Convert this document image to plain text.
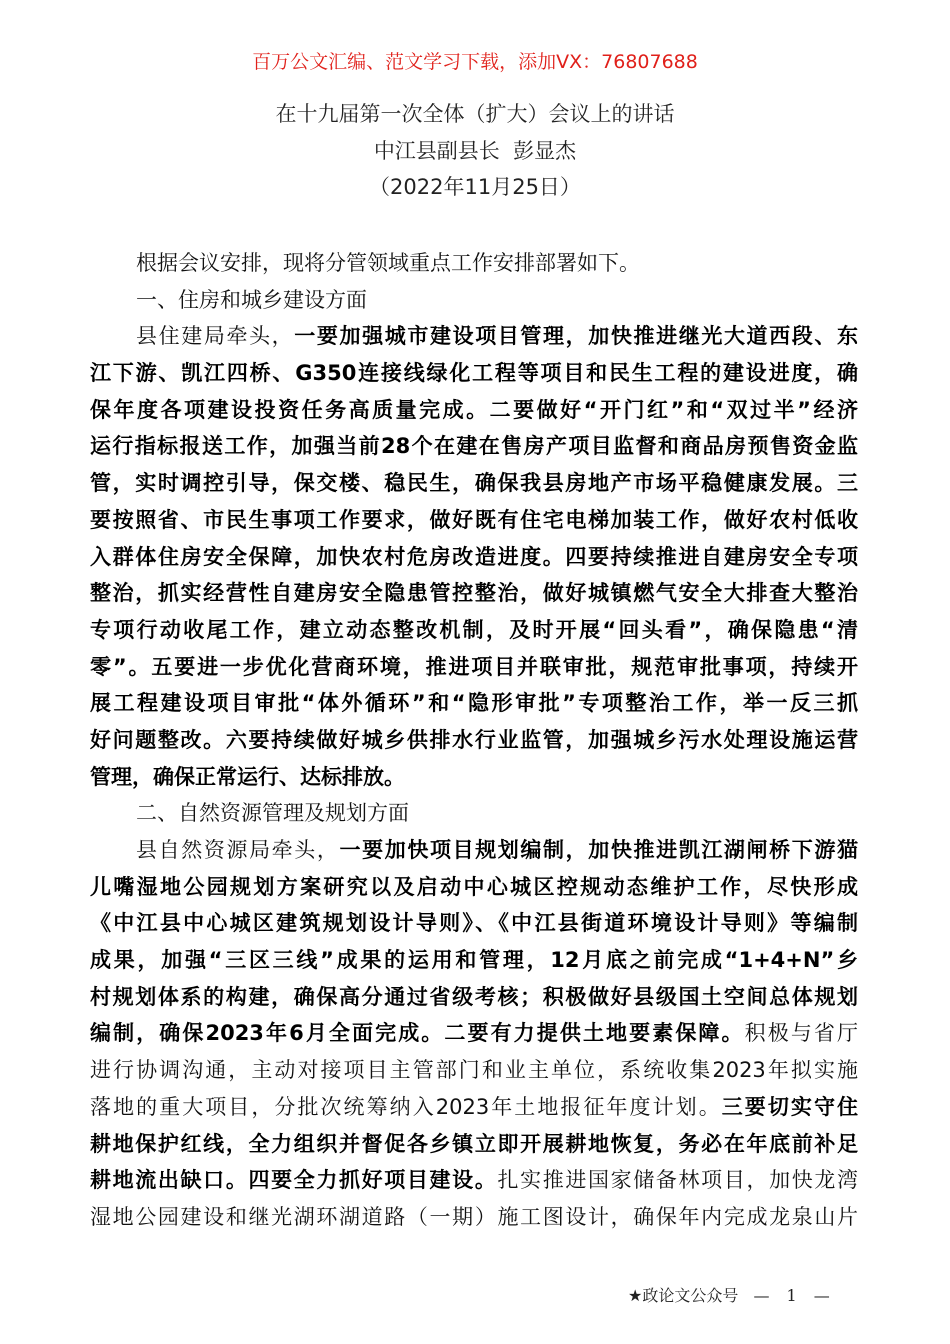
百万公文汇编、范文学习下载，添加VX：76807688
在十九届第一次全体（扩大）会议上的讲话
中江县副县长  彭显杰
（2022年11月25日）
根据会议安排，现将分管领域重点工作安排部署如下。
一、住房和城乡建设方面
县住建局牵头，一要加强城市建设项目管理，加快推进继光大道西段、东
江下游、凯江四桥、G350连接线绿化工程等项目和民生工程的建设进度，确
保年度各项建设投资任务高质量完成。二要做好“开门红”和“双过半”经济
运行指标报送工作，加强当前28个在建在售房产项目监督和商品房预售资金监
管，实时调控引导，保交楼、稳民生，确保我县房地产市场平稳健康发展。三
要按照省、市民生事项工作要求，做好既有住宅电梯加装工作，做好农村低收
入群体住房安全保障，加快农村危房改造进度。四要持续推进自建房安全专项
整治，抓实经营性自建房安全隐患管控整治，做好城镇燃气安全大排查大整治
专项行动收尾工作，建立动态整改机制，及时开展“回头看”，确保隐患“清
零”。五要进一步优化营商环境，推进项目并联审批，规范审批事项，持续开
展工程建设项目审批“体外循环”和“隐形审批”专项整治工作，举一反三抓
好问题整改。六要持续做好城乡供排水行业监管，加强城乡污水处理设施运营
管理，确保正常运行、达标排放。
二、自然资源管理及规划方面
县自然资源局牵头，一要加快项目规划编制，加快推进凯江湖闸桥下游猫
儿嘴湿地公园规划方案研究以及启动中心城区控规动态维护工作，尽快形成
《中江县中心城区建筑规划设计导则》、《中江县街道环境设计导则》等编制
成果，加强“三区三线”成果的运用和管理，12月底之前完成“1+4+N”乡
村规划体系的构建，确保高分通过省级考核；积极做好县级国土空间总体规划
编制，确保2023年6月全面完成。二要有力提供土地要素保障。积极与省厅
进行协调沟通，主动对接项目主管部门和业主单位，系统收集2023年拟实施
落地的重大项目，分批次统筹纳入2023年土地报征年度计划。三要切实守住
耕地保护红线，全力组织并督促各乡镇立即开展耕地恢复，务必在年底前补足
耕地流出缺口。四要全力抓好项目建设。扎实推进国家储备林项目，加快龙湾
湿地公园建设和继光湖环湖道路（一期）施工图设计，确保年内完成龙泉山片
★政论文公众号 — 1 —
